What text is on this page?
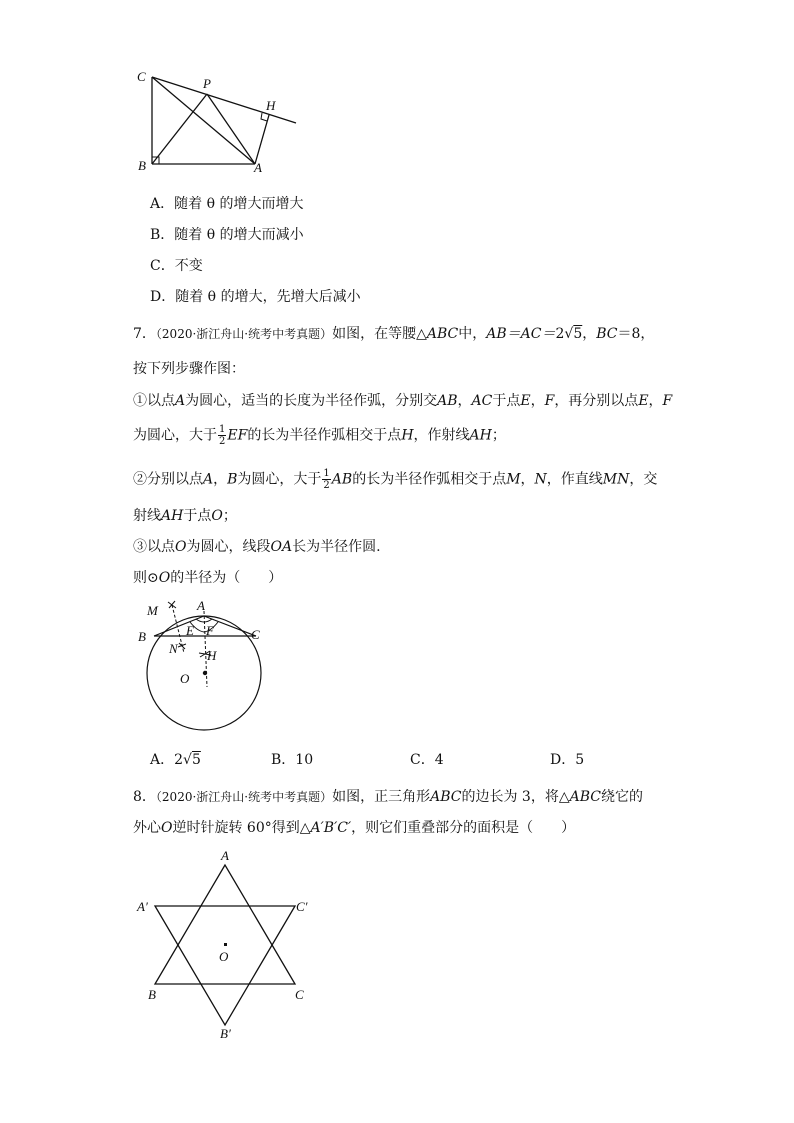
C	P
H
B	A
A．随着 θ 的增大而增大
B．随着 θ 的增大而减小
C．不变
D．随着 θ 的增大，先增大后减小
7．（2020·浙江舟山·统考中考真题）如图，在等腰△ABC中，AB＝AC＝2√5，BC＝8，
按下列步骤作图：
①以点A为圆心，适当的长度为半径作弧，分别交AB，AC于点E，F，再分别以点E，F
为圆心，大于 $\frac{1}{2}$ EF的长为半径作弧相交于点H，作射线AH；
②分别以点A，B为圆心，大于 $\frac{1}{2}$ AB的长为半径作弧相交于点M，N，作直线MN，交
射线AH于点O；
③以点O为圆心，线段OA长为半径作圆.
则⊙O的半径为（　　）
M	A
B	E F	C
N H
O
A．2√5	B．10	C．4	D．5
8．（2020·浙江舟山·统考中考真题）如图，正三角形ABC的边长为 3，将△ABC绕它的
外心O逆时针旋转 60°得到△A′B′C′，则它们重叠部分的面积是（　　）
A
A′	C′
O
B	C
B′
